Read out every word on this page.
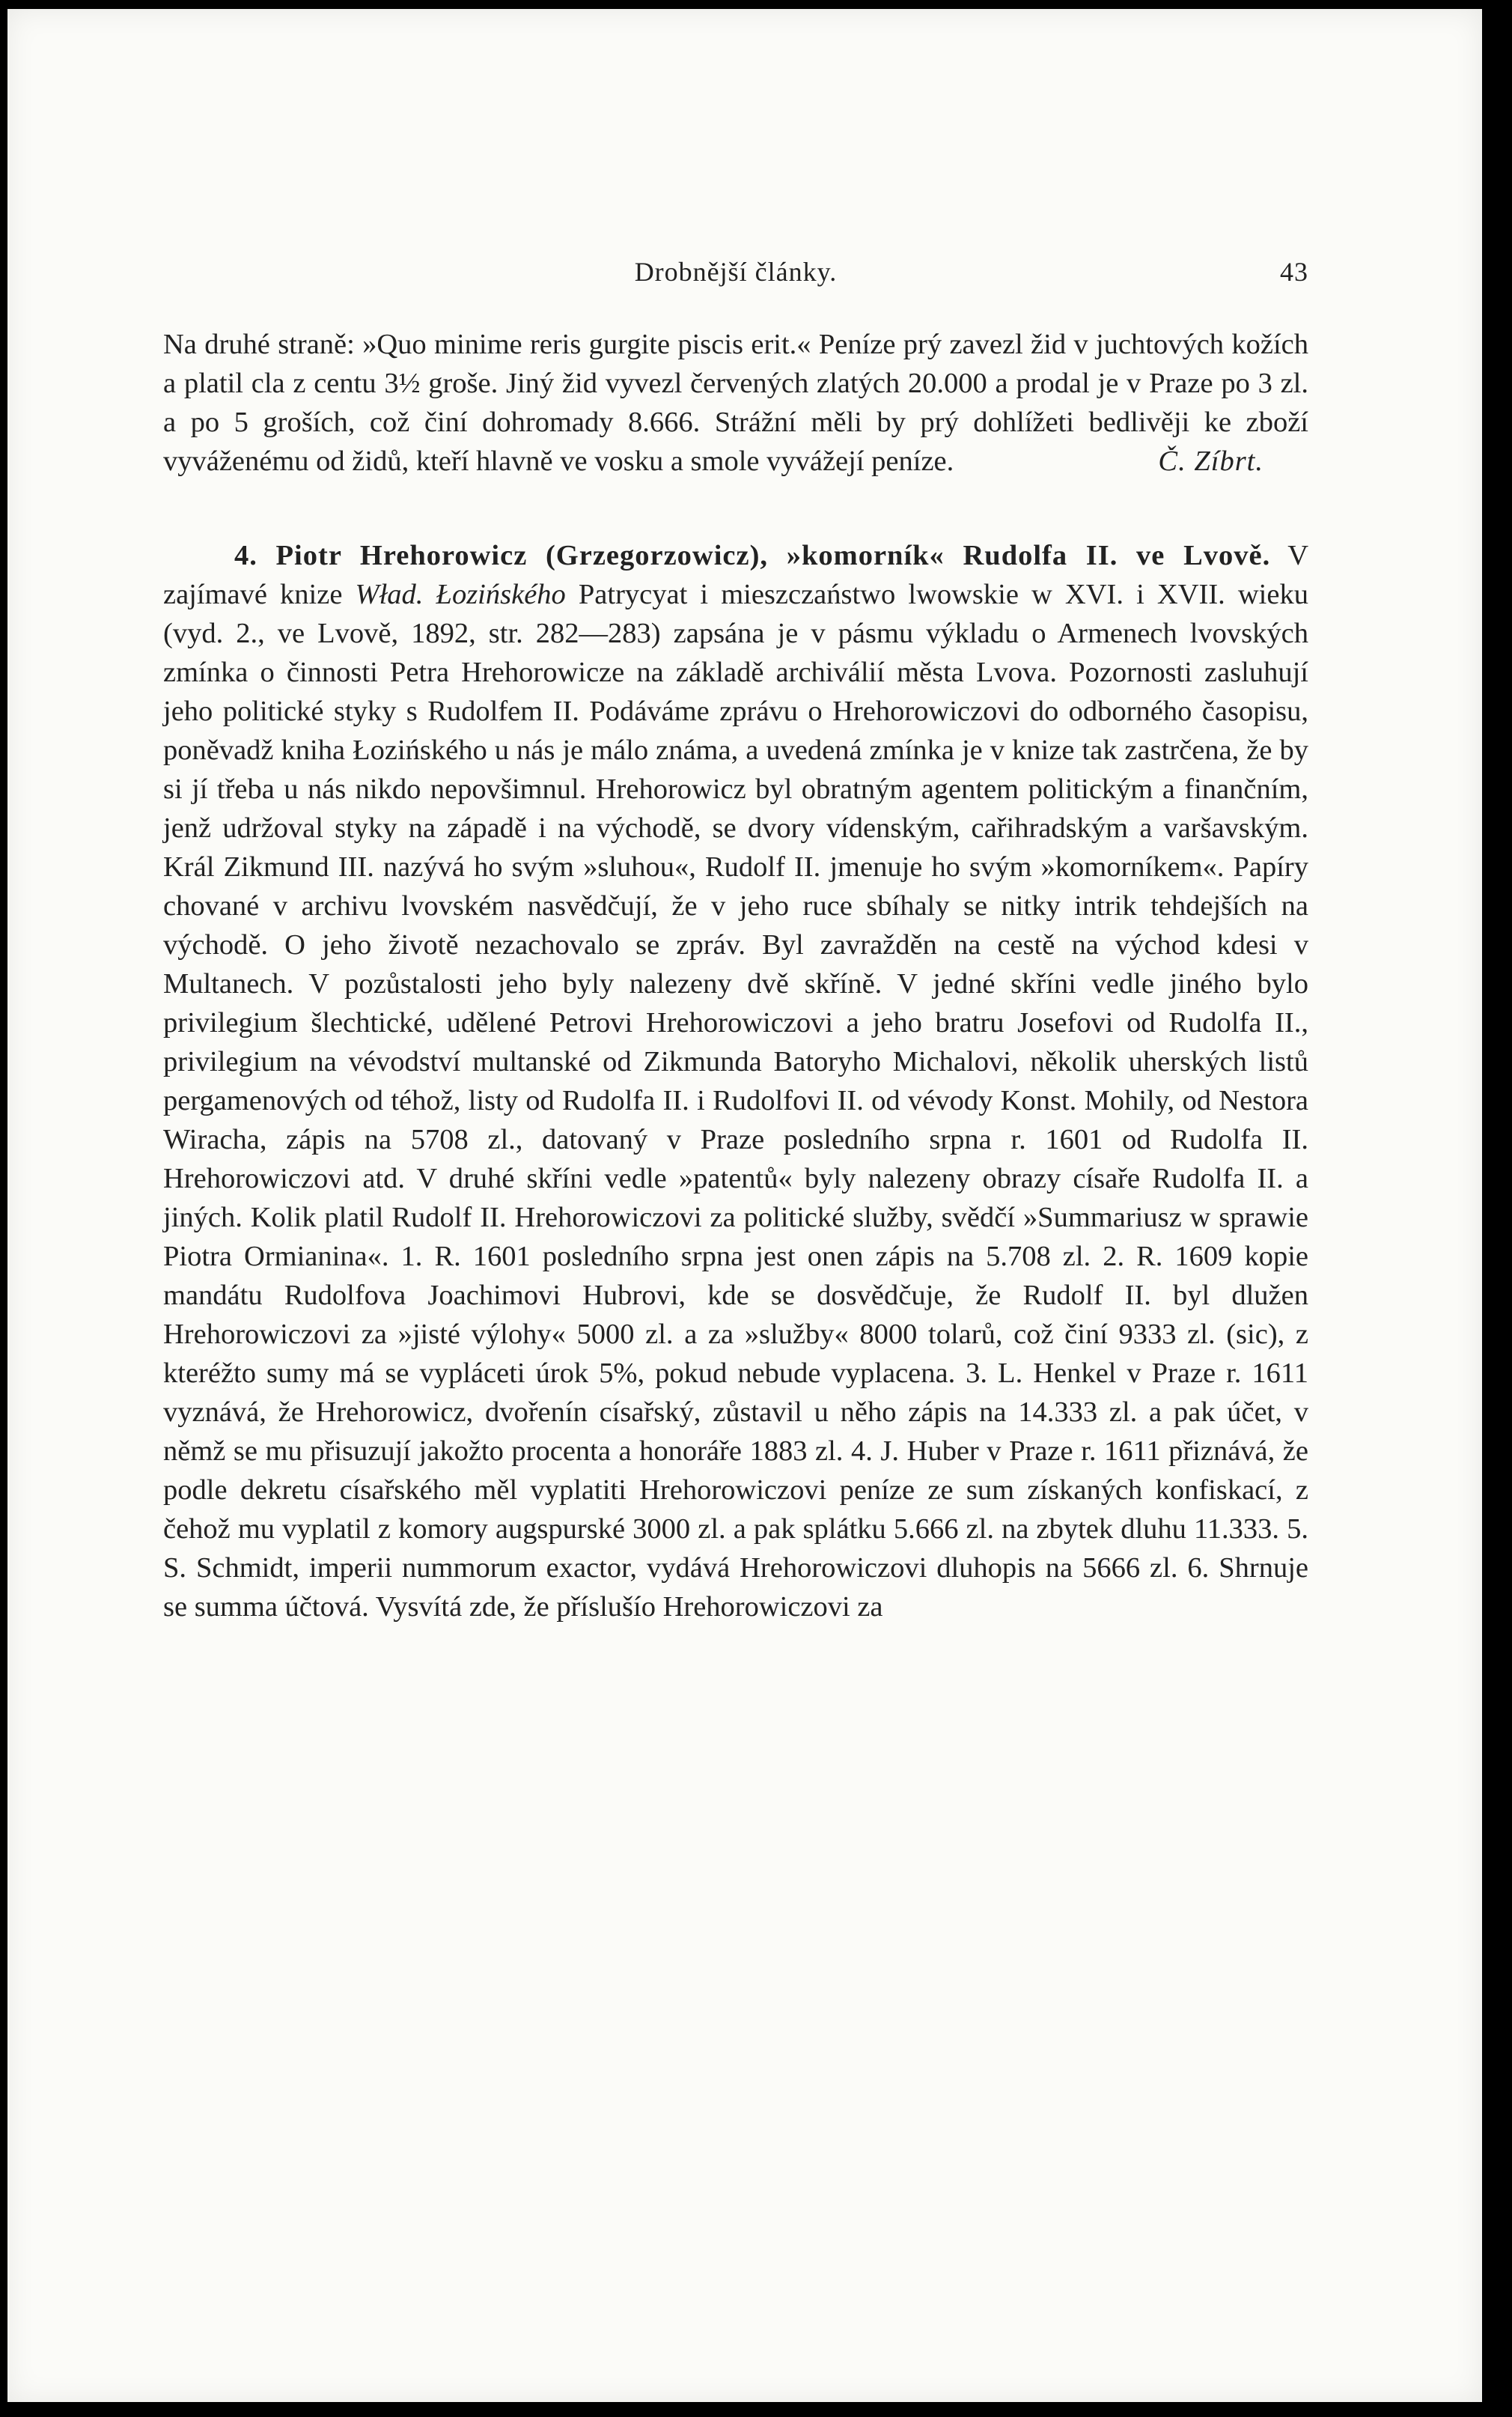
Drobnější články.	43

Na druhé straně: »Quo minime reris gurgite piscis erit.« Peníze prý zavezl žid v juchtových kožích a platil cla z centu 3½ groše. Jiný žid vyvezl červených zlatých 20.000 a prodal je v Praze po 3 zl. a po 5 groších, což činí dohromady 8.666. Strážní měli by prý dohlížeti bedlivěji ke zboží vyváženému od židů, kteří hlavně ve vosku a smole vyvážejí peníze.	Č. Zíbrt.

4. Piotr Hrehorowicz (Grzegorzowicz), »komorník« Rudolfa II. ve Lvově. V zajímavé knize Wład. Łozińského Patrycyat i mieszczaństwo lwowskie w XVI. i XVII. wieku (vyd. 2., ve Lvově, 1892, str. 282—283) zapsána je v pásmu výkladu o Armenech lvovských zmínka o činnosti Petra Hrehorowicze na základě archiválií města Lvova. Pozornosti zasluhují jeho politické styky s Rudolfem II. Podáváme zprávu o Hrehorowiczovi do odborného časopisu, poněvadž kniha Łozińského u nás je málo známa, a uvedená zmínka je v knize tak zastrčena, že by si jí třeba u nás nikdo nepovšimnul. Hrehorowicz byl obratným agentem politickým a finančním, jenž udržoval styky na západě i na východě, se dvory vídenským, cařihradským a varšavským. Král Zikmund III. nazývá ho svým »sluhou«, Rudolf II. jmenuje ho svým »komorníkem«. Papíry chované v archivu lvovském nasvědčují, že v jeho ruce sbíhaly se nitky intrik tehdejších na východě. O jeho životě nezachovalo se zpráv. Byl zavražděn na cestě na východ kdesi v Multanech. V pozůstalosti jeho byly nalezeny dvě skříně. V jedné skříni vedle jiného bylo privilegium šlechtické, udělené Petrovi Hrehorowiczovi a jeho bratru Josefovi od Rudolfa II., privilegium na vévodství multanské od Zikmunda Batoryho Michalovi, několik uherských listů pergamenových od téhož, listy od Rudolfa II. i Rudolfovi II. od vévody Konst. Mohily, od Nestora Wiracha, zápis na 5708 zl., datovaný v Praze posledního srpna r. 1601 od Rudolfa II. Hrehorowiczovi atd. V druhé skříni vedle »patentů« byly nalezeny obrazy císaře Rudolfa II. a jiných. Kolik platil Rudolf II. Hrehorowiczovi za politické služby, svědčí »Summariusz w sprawie Piotra Ormianina«. 1. R. 1601 posledního srpna jest onen zápis na 5.708 zl. 2. R. 1609 kopie mandátu Rudolfova Joachimovi Hubrovi, kde se dosvědčuje, že Rudolf II. byl dlužen Hrehorowiczovi za »jisté výlohy« 5000 zl. a za »služby« 8000 tolarů, což činí 9333 zl. (sic), z kteréžto sumy má se vypláceti úrok 5%, pokud nebude vyplacena. 3. L. Henkel v Praze r. 1611 vyznává, že Hrehorowicz, dvořenín císařský, zůstavil u něho zápis na 14.333 zl. a pak účet, v němž se mu přisuzují jakožto procenta a honoráře 1883 zl. 4. J. Huber v Praze r. 1611 přiznává, že podle dekretu císařského měl vyplatiti Hrehorowiczovi peníze ze sum získaných konfiskací, z čehož mu vyplatil z komory augspurské 3000 zl. a pak splátku 5.666 zl. na zbytek dluhu 11.333. 5. S. Schmidt, imperii nummorum exactor, vydává Hrehorowiczovi dluhopis na 5666 zl. 6. Shrnuje se summa účtová. Vysvítá zde, že příslušío Hrehorowiczovi za
